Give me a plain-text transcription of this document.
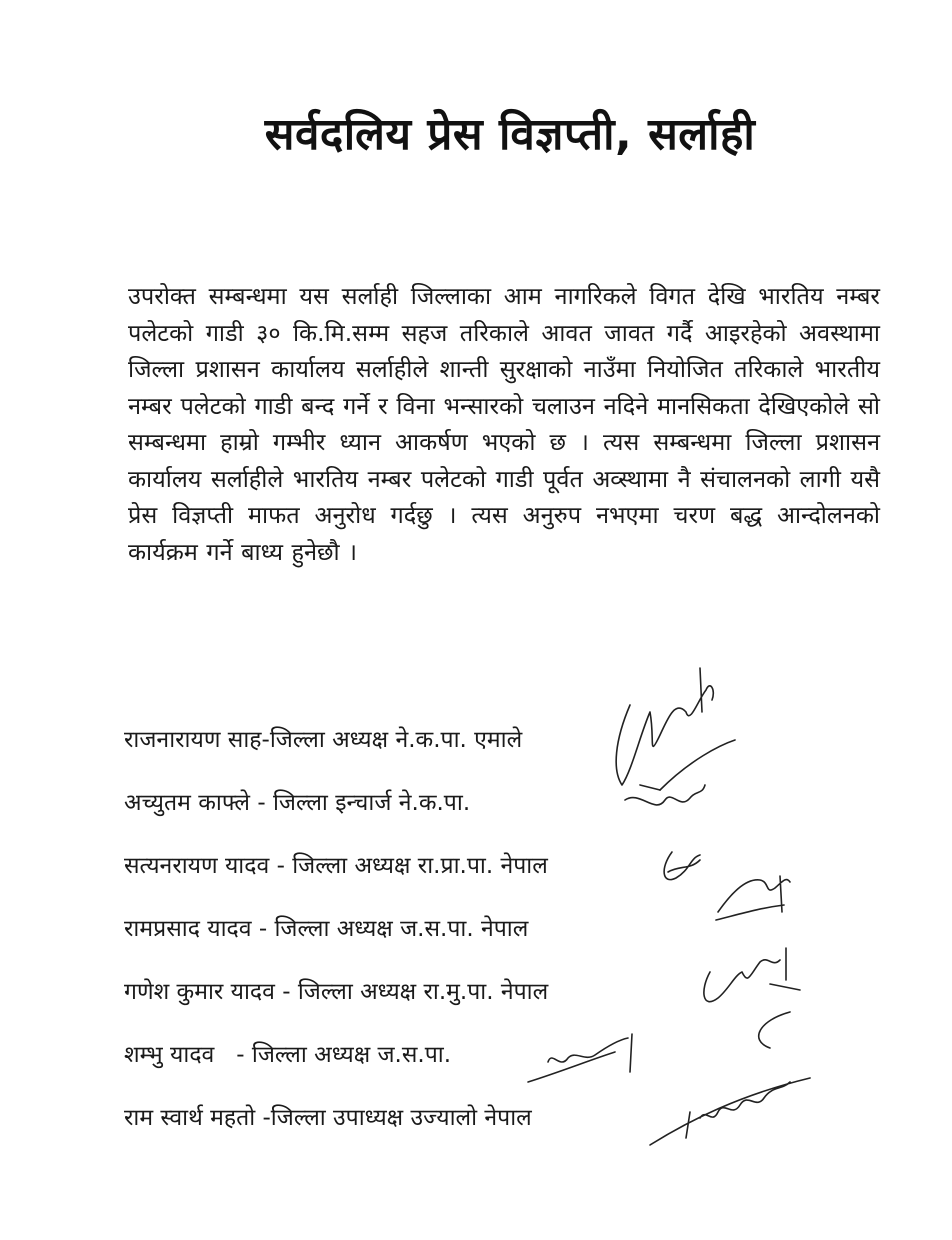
सर्वदलिय प्रेस विज्ञप्ती, सर्लाही

उपरोक्त सम्बन्धमा यस सर्लाही जिल्लाका आम नागरिकले विगत देखि भारतिय नम्बर पलेटको गाडी ३० कि.मि.सम्म सहज तरिकाले आवत जावत गर्दै आइरहेको अवस्थामा जिल्ला प्रशासन कार्यालय सर्लाहीले शान्ती सुरक्षाको नाउँमा नियोजित तरिकाले भारतीय नम्बर पलेटको गाडी बन्द गर्ने र विना भन्सारको चलाउन नदिने मानसिकता देखिएकोले सो सम्बन्धमा हाम्रो गम्भीर ध्यान आकर्षण भएको छ । त्यस सम्बन्धमा जिल्ला प्रशासन कार्यालय सर्लाहीले भारतिय नम्बर पलेटको गाडी पूर्वत अव्स्थामा नै संचालनको लागी यसै प्रेस विज्ञप्ती माफत अनुरोध गर्दछु । त्यस अनुरुप नभएमा चरण बद्ध आन्दोलनको कार्यक्रम गर्ने बाध्य हुनेछौ ।

राजनारायण साह-जिल्ला अध्यक्ष ने.क.पा. एमाले
अच्युतम काफ्ले - जिल्ला इन्चार्ज ने.क.पा.
सत्यनरायण यादव - जिल्ला अध्यक्ष रा.प्रा.पा. नेपाल
रामप्रसाद यादव - जिल्ला अध्यक्ष ज.स.पा. नेपाल
गणेश कुमार यादव - जिल्ला अध्यक्ष रा.मु.पा. नेपाल
शम्भु यादव   - जिल्ला अध्यक्ष ज.स.पा.
राम स्वार्थ महतो -जिल्ला उपाध्यक्ष उज्यालो नेपाल
